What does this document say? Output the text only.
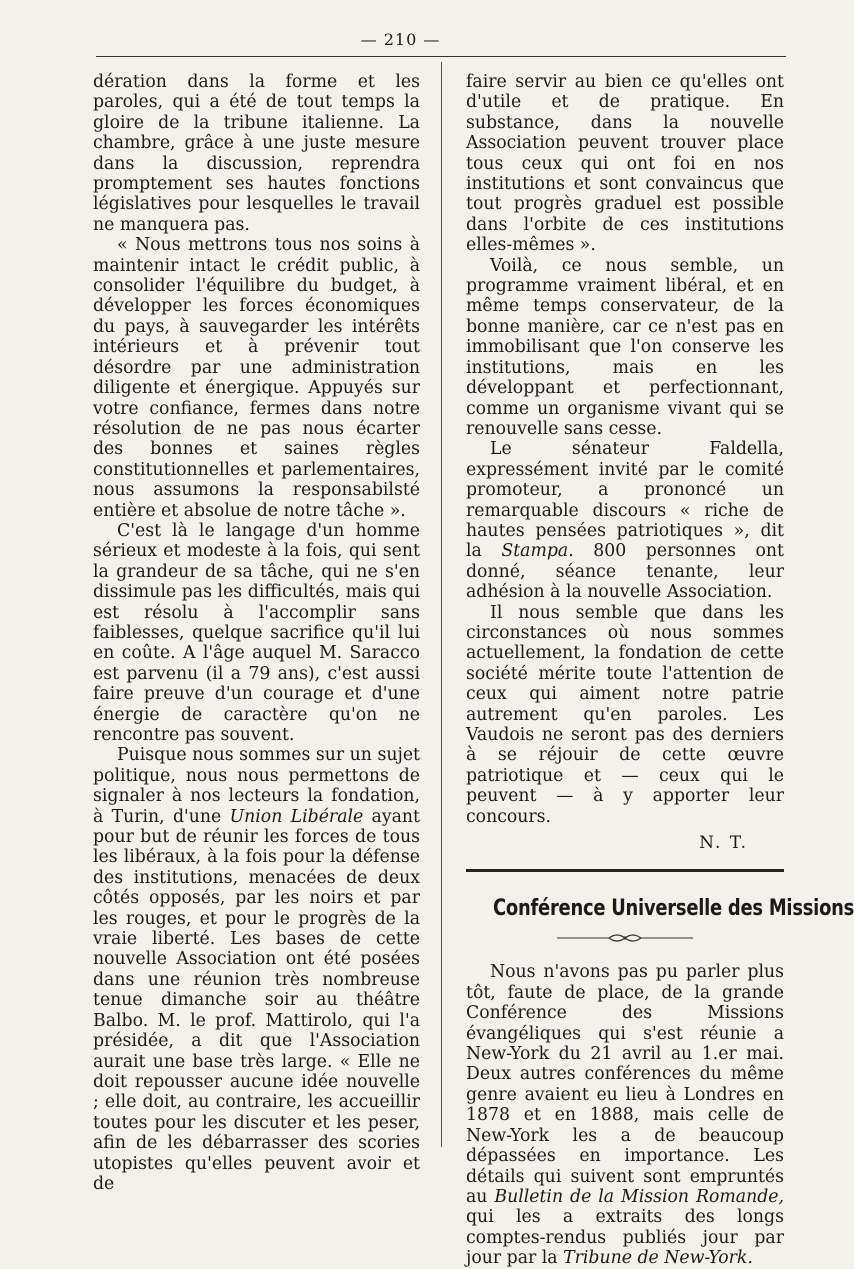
— 210 —

dération dans la forme et les paroles, qui a été de tout temps la gloire de la tribune italienne. La chambre, grâce à une juste mesure dans la discussion, reprendra promptement ses hautes fonctions législatives pour lesquelles le travail ne manquera pas.

« Nous mettrons tous nos soins à maintenir intact le crédit public, à consolider l'équilibre du budget, à développer les forces économiques du pays, à sauvegarder les intérêts intérieurs et à prévenir tout désordre par une administration diligente et énergique. Appuyés sur votre confiance, fermes dans notre résolution de ne pas nous écarter des bonnes et saines règles constitutionnelles et parlementaires, nous assumons la responsabilsté entière et absolue de notre tâche ».

C'est là le langage d'un homme sérieux et modeste à la fois, qui sent la grandeur de sa tâche, qui ne s'en dissimule pas les difficultés, mais qui est résolu à l'accomplir sans faiblesses, quelque sacrifice qu'il lui en coûte. A l'âge auquel M. Saracco est parvenu (il a 79 ans), c'est aussi faire preuve d'un courage et d'une énergie de caractère qu'on ne rencontre pas souvent.

Puisque nous sommes sur un sujet politique, nous nous permettons de signaler à nos lecteurs la fondation, à Turin, d'une Union Libérale ayant pour but de réunir les forces de tous les libéraux, à la fois pour la défense des institutions, menacées de deux côtés opposés, par les noirs et par les rouges, et pour le progrès de la vraie liberté. Les bases de cette nouvelle Association ont été posées dans une réunion très nombreuse tenue dimanche soir au théâtre Balbo. M. le prof. Mattirolo, qui l'a présidée, a dit que l'Association aurait une base très large. « Elle ne doit repousser aucune idée nouvelle ; elle doit, au contraire, les accueillir toutes pour les discuter et les peser, afin de les débarrasser des scories utopistes qu'elles peuvent avoir et de

faire servir au bien ce qu'elles ont d'utile et de pratique. En substance, dans la nouvelle Association peuvent trouver place tous ceux qui ont foi en nos institutions et sont convaincus que tout progrès graduel est possible dans l'orbite de ces institutions elles-mêmes ».

Voilà, ce nous semble, un programme vraiment libéral, et en même temps conservateur, de la bonne manière, car ce n'est pas en immobilisant que l'on conserve les institutions, mais en les développant et perfectionnant, comme un organisme vivant qui se renouvelle sans cesse.

Le sénateur Faldella, expressément invité par le comité promoteur, a prononcé un remarquable discours « riche de hautes pensées patriotiques », dit la Stampa. 800 personnes ont donné, séance tenante, leur adhésion à la nouvelle Association.

Il nous semble que dans les circonstances où nous sommes actuellement, la fondation de cette société mérite toute l'attention de ceux qui aiment notre patrie autrement qu'en paroles. Les Vaudois ne seront pas des derniers à se réjouir de cette œuvre patriotique et — ceux qui le peuvent — à y apporter leur concours.

N. T.

Conférence Universelle des Missions

Nous n'avons pas pu parler plus tôt, faute de place, de la grande Conférence des Missions évangéliques qui s'est réunie a New-York du 21 avril au 1.er mai. Deux autres conférences du même genre avaient eu lieu à Londres en 1878 et en 1888, mais celle de New-York les a de beaucoup dépassées en importance. Les détails qui suivent sont empruntés au Bulletin de la Mission Romande, qui les a extraits des longs comptes-rendus publiés jour par jour par la Tribune de New-York.
